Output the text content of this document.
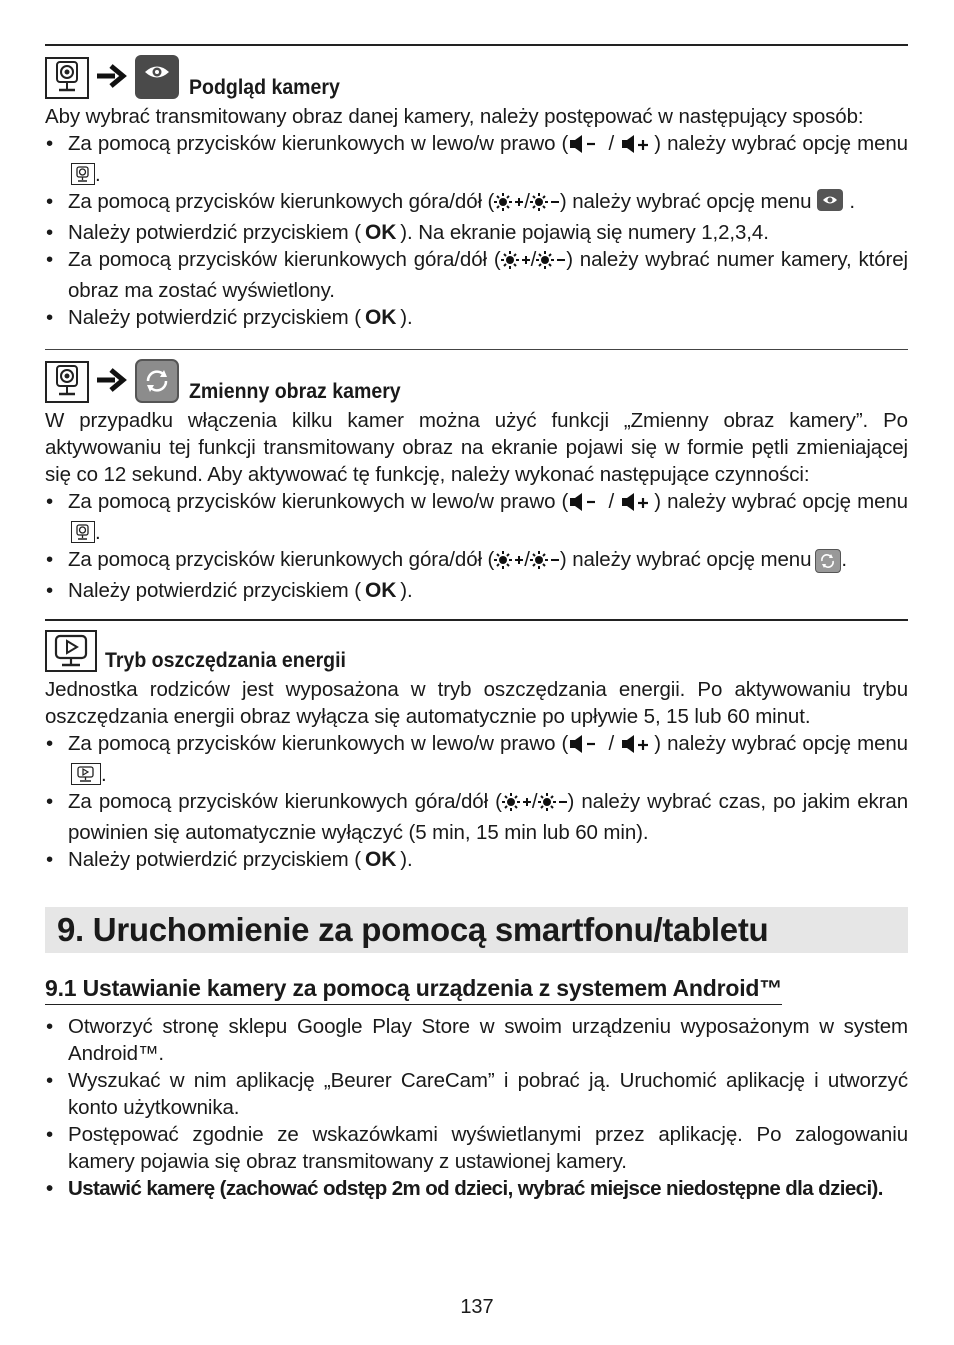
Podgląd kamery

Aby wybrać transmitowany obraz danej kamery, należy postępować w następujący sposób:

• Za pomocą przycisków kierunkowych w lewo/w prawo ( / ) należy wybrać opcję menu .
• Za pomocą przycisków kierunkowych góra/dół ( / ) należy wybrać opcję menu .
• Należy potwierdzić przyciskiem ( OK ). Na ekranie pojawią się numery 1,2,3,4.
• Za pomocą przycisków kierunkowych góra/dół ( / ) należy wybrać numer kamery, której obraz ma zostać wyświetlony.
• Należy potwierdzić przyciskiem ( OK ).
Zmienny obraz kamery

W przypadku włączenia kilku kamer można użyć funkcji „Zmienny obraz kamery”. Po aktywowaniu tej funkcji transmitowany obraz na ekranie pojawi się w formie pętli zmieniającej się co 12 sekund. Aby aktywować tę funkcję, należy wykonać następujące czynności:

• Za pomocą przycisków kierunkowych w lewo/w prawo ( / ) należy wybrać opcję menu .
• Za pomocą przycisków kierunkowych góra/dół ( / ) należy wybrać opcję menu .
• Należy potwierdzić przyciskiem ( OK ).
Tryb oszczędzania energii

Jednostka rodziców jest wyposażona w tryb oszczędzania energii. Po aktywowaniu trybu oszczędzania energii obraz wyłącza się automatycznie po upływie 5, 15 lub 60 minut.

• Za pomocą przycisków kierunkowych w lewo/w prawo ( / ) należy wybrać opcję menu .
• Za pomocą przycisków kierunkowych góra/dół ( / ) należy wybrać czas, po jakim ekran powinien się automatycznie wyłączyć (5 min, 15 min lub 60 min).
• Należy potwierdzić przyciskiem ( OK ).
9. Uruchomienie za pomocą smartfonu/tabletu
9.1 Ustawianie kamery za pomocą urządzenia z systemem Android™
• Otworzyć stronę sklepu Google Play Store w swoim urządzeniu wyposażonym w system Android™.
• Wyszukać w nim aplikację „Beurer CareCam” i pobrać ją. Uruchomić aplikację i utworzyć konto użytkownika.
• Postępować zgodnie ze wskazówkami wyświetlanymi przez aplikację. Po zalogowaniu kamery pojawia się obraz transmitowany z ustawionej kamery.
• Ustawić kamerę (zachować odstęp 2m od dzieci, wybrać miejsce niedostępne dla dzieci).
137
